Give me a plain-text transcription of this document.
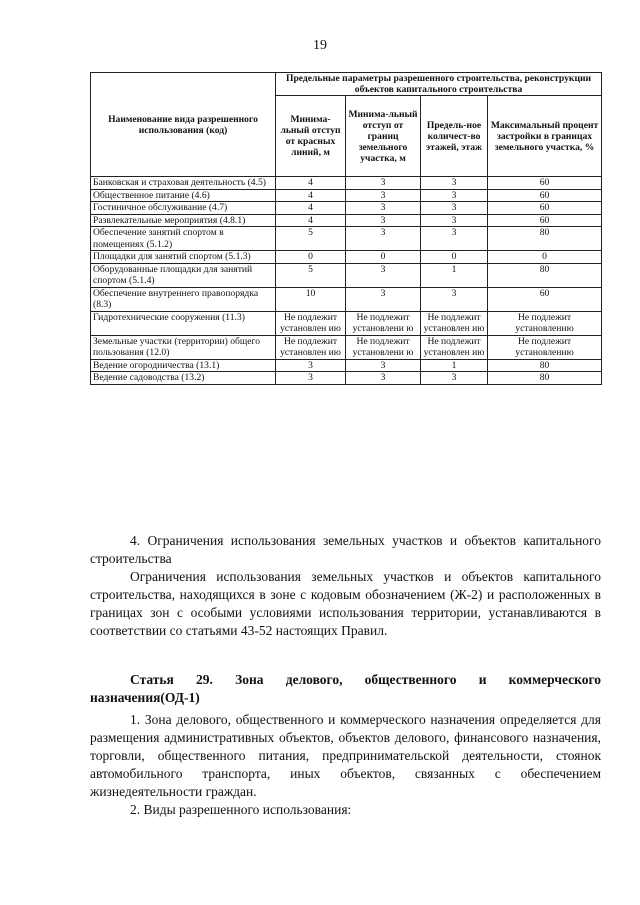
19
Наименование вида разрешенного использования (код)	Предельные параметры разрешенного строительства, реконструкции объектов капитального строительства			
	Минима-льный отступ от красных линий, м	Минима-льный отступ от границ земельного участка, м	Предель-ное количест-во этажей, этаж	Максимальный процент застройки в границах земельного участка, %
Банковская и страховая деятельность (4.5)	4	3	3	60
Общественное питание (4.6)	4	3	3	60
Гостиничное обслуживание (4.7)	4	3	3	60
Развлекательные мероприятия (4.8.1)	4	3	3	60
Обеспечение занятий спортом в помещениях (5.1.2)	5	3	3	80
Площадки для занятий спортом (5.1.3)	0	0	0	0
Оборудованные площадки для занятий спортом (5.1.4)	5	3	1	80
Обеспечение внутреннего правопорядка (8.3)	10	3	3	60
Гидротехнические сооружения (11.3)	Не подлежит установлен ию	Не подлежит установлени ю	Не подлежит установлен ию	Не подлежит установлению
Земельные участки (территории) общего пользования (12.0)	Не подлежит установлен ию	Не подлежит установлени ю	Не подлежит установлен ию	Не подлежит установлению
Ведение огородничества (13.1)	3	3	1	80
Ведение садоводства (13.2)	3	3	3	80
4. Ограничения использования земельных участков и объектов капитального строительства
Ограничения использования земельных участков и объектов капитального строительства, находящихся в зоне с кодовым обозначением (Ж-2) и расположенных в границах зон с особыми условиями использования территории, устанавливаются в соответствии со статьями 43-52 настоящих Правил.
Статья 29. Зона делового, общественного и коммерческого назначения(ОД-1)
1. Зона делового, общественного и коммерческого назначения определяется для размещения административных объектов, объектов делового, финансового назначения, торговли, общественного питания, предпринимательской деятельности, стоянок автомобильного транспорта, иных объектов, связанных с обеспечением жизнедеятельности граждан.
2. Виды разрешенного использования:
